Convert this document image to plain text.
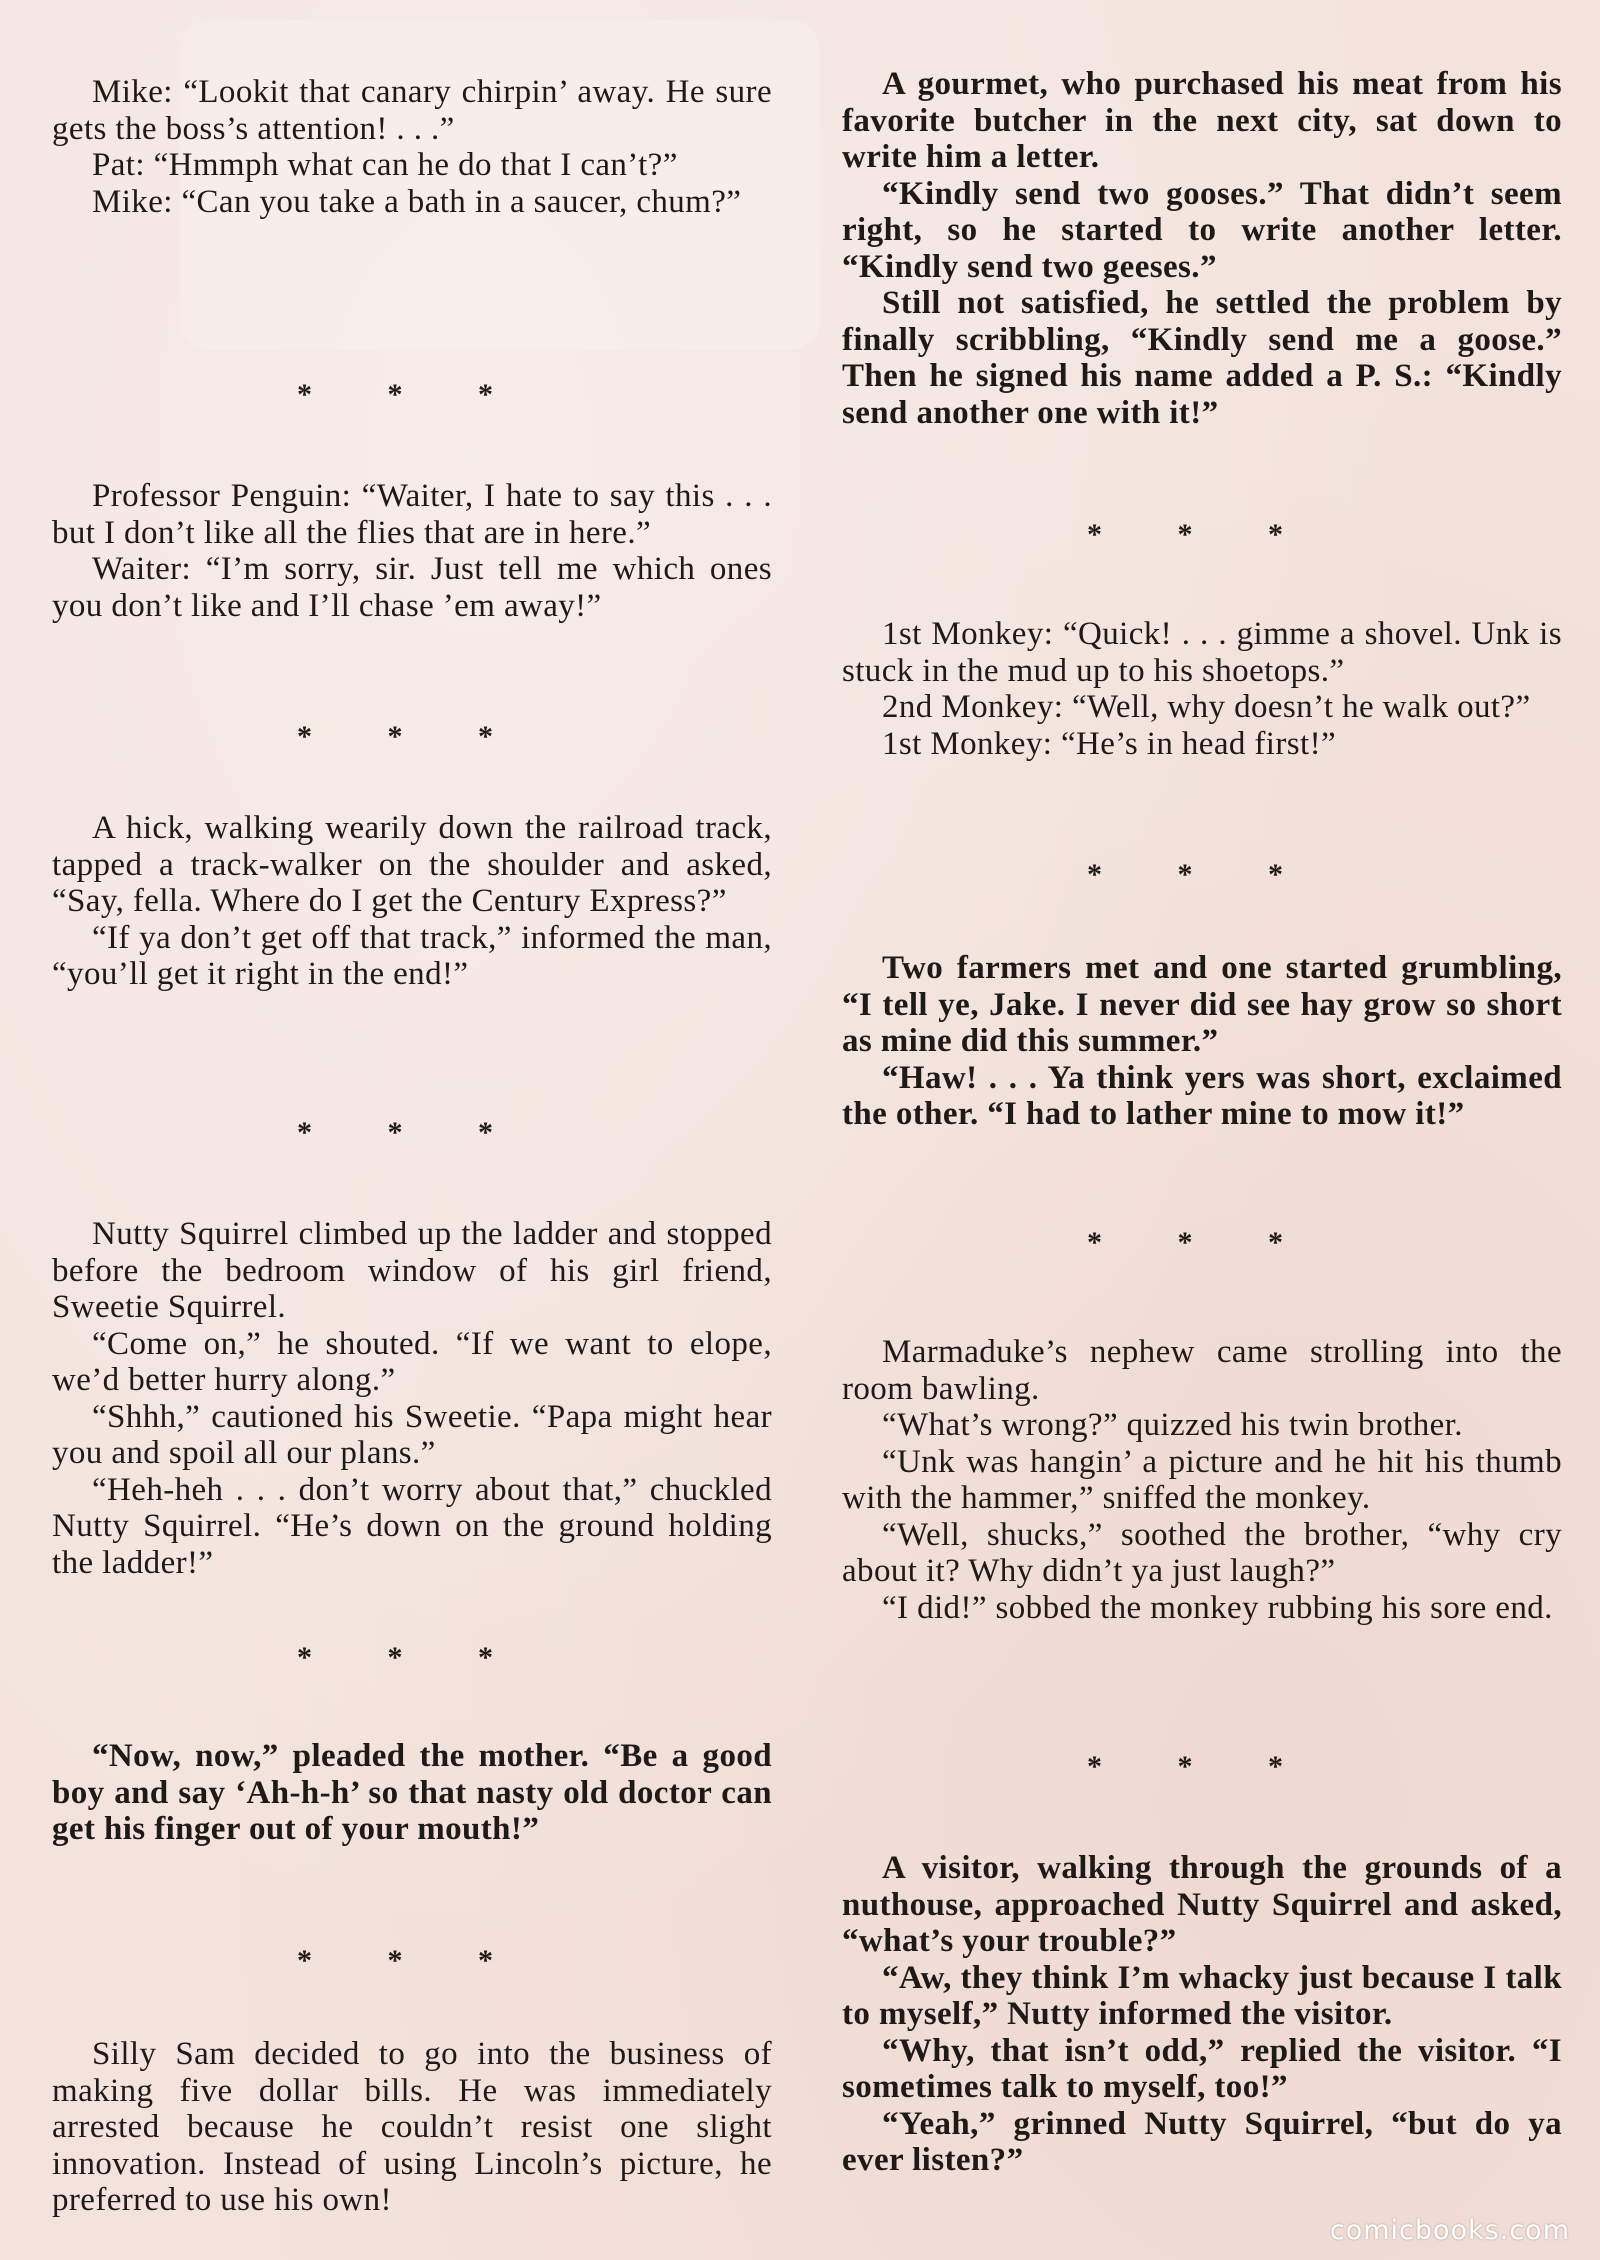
Mike: “Lookit that canary chirpin’ away. He sure gets the boss’s attention! . . .”

Pat: “Hmmph what can he do that I can’t?”

Mike: “Can you take a bath in a saucer, chum?”

* * *

Professor Penguin: “Waiter, I hate to say this . . . but I don’t like all the flies that are in here.”

Waiter: “I’m sorry, sir. Just tell me which ones you don’t like and I’ll chase ’em away!”

* * *

A hick, walking wearily down the railroad track, tapped a track-walker on the shoulder and asked, “Say, fella. Where do I get the Century Express?”

“If ya don’t get off that track,” informed the man, “you’ll get it right in the end!”

* * *

Nutty Squirrel climbed up the ladder and stopped before the bedroom window of his girl friend, Sweetie Squirrel.

“Come on,” he shouted. “If we want to elope, we’d better hurry along.”

“Shhh,” cautioned his Sweetie. “Papa might hear you and spoil all our plans.”

“Heh-heh . . . don’t worry about that,” chuckled Nutty Squirrel. “He’s down on the ground holding the ladder!”

* * *

“Now, now,” pleaded the mother. “Be a good boy and say ‘Ah-h-h’ so that nasty old doctor can get his finger out of your mouth!”

* * *

Silly Sam decided to go into the business of making five dollar bills. He was immediately arrested because he couldn’t resist one slight innovation. Instead of using Lincoln’s picture, he preferred to use his own!

A gourmet, who purchased his meat from his favorite butcher in the next city, sat down to write him a letter.

“Kindly send two gooses.” That didn’t seem right, so he started to write another letter. “Kindly send two geeses.”

Still not satisfied, he settled the problem by finally scribbling, “Kindly send me a goose.” Then he signed his name added a P. S.: “Kindly send another one with it!”

* * *

1st Monkey: “Quick! . . . gimme a shovel. Unk is stuck in the mud up to his shoetops.”

2nd Monkey: “Well, why doesn’t he walk out?”

1st Monkey: “He’s in head first!”

* * *

Two farmers met and one started grumbling, “I tell ye, Jake. I never did see hay grow so short as mine did this summer.”

“Haw! . . . Ya think yers was short, exclaimed the other. “I had to lather mine to mow it!”

* * *

Marmaduke’s nephew came strolling into the room bawling.

“What’s wrong?” quizzed his twin brother.

“Unk was hangin’ a picture and he hit his thumb with the hammer,” sniffed the monkey.

“Well, shucks,” soothed the brother, “why cry about it? Why didn’t ya just laugh?”

“I did!” sobbed the monkey rubbing his sore end.

* * *

A visitor, walking through the grounds of a nuthouse, approached Nutty Squirrel and asked, “what’s your trouble?”

“Aw, they think I’m whacky just because I talk to myself,” Nutty informed the visitor.

“Why, that isn’t odd,” replied the visitor. “I sometimes talk to myself, too!”

“Yeah,” grinned Nutty Squirrel, “but do ya ever listen?”

comicbooks.com
